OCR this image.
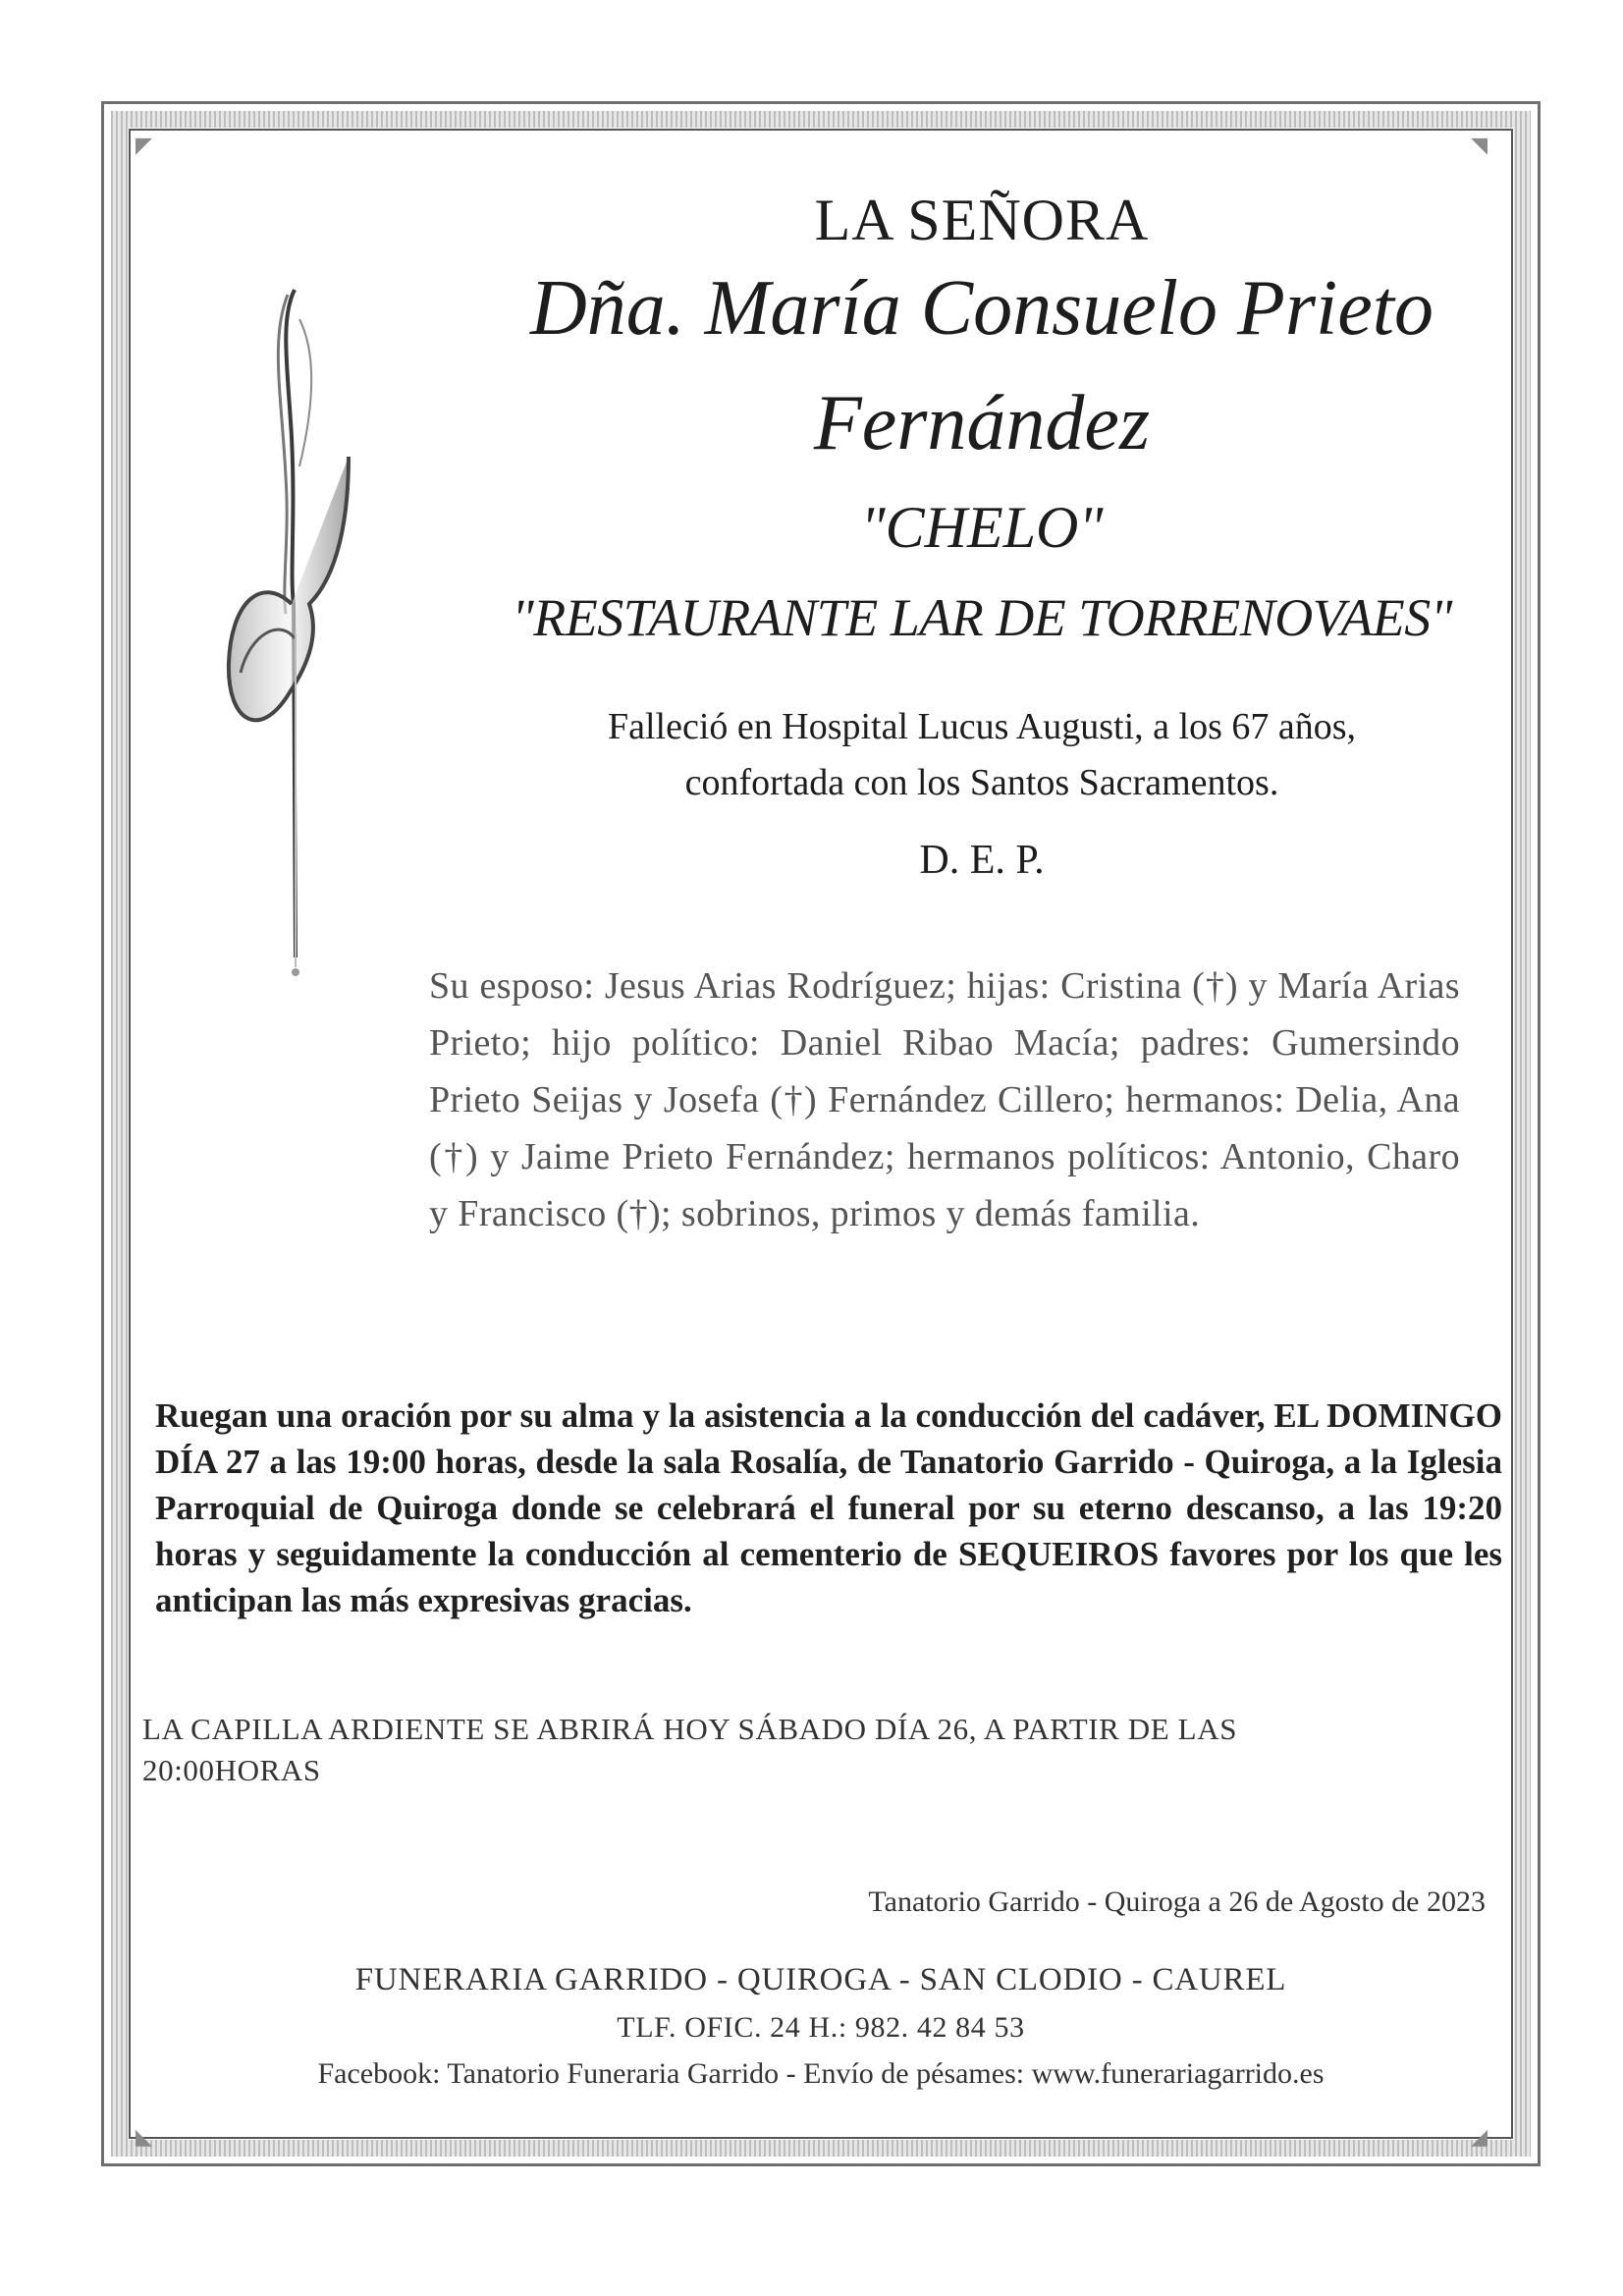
◤	◥
◣	◢
LA SEÑORA
Dña. María Consuelo Prieto
Fernández
"CHELO"
"RESTAURANTE LAR DE TORRENOVAES"
Falleció en Hospital Lucus Augusti, a los 67 años,
confortada con los Santos Sacramentos.
D. E. P.
Su esposo: Jesus Arias Rodríguez; hijas: Cristina (†) y María Arias Prieto; hijo político: Daniel Ribao Macía; padres: Gumersindo Prieto Seijas y Josefa (†) Fernández Cillero; hermanos: Delia, Ana (†) y Jaime Prieto Fernández; hermanos políticos: Antonio, Charo y Francisco (†); sobrinos, primos y demás familia.
Ruegan una oración por su alma y la asistencia a la conducción del cadáver, EL DOMINGO DÍA 27 a las 19:00 horas, desde la sala Rosalía, de Tanatorio Garrido - Quiroga, a la Iglesia Parroquial de Quiroga donde se celebrará el funeral por su eterno descanso, a las 19:20 horas y seguidamente la conducción al cementerio de SEQUEIROS favores por los que les anticipan las más expresivas gracias.
LA CAPILLA ARDIENTE SE ABRIRÁ HOY SÁBADO DÍA 26, A PARTIR DE LAS 20:00HORAS
Tanatorio Garrido - Quiroga a 26 de Agosto de 2023
FUNERARIA GARRIDO - QUIROGA - SAN CLODIO - CAUREL
TLF. OFIC. 24 H.: 982. 42 84 53
Facebook: Tanatorio Funeraria Garrido - Envío de pésames: www.funerariagarrido.es
